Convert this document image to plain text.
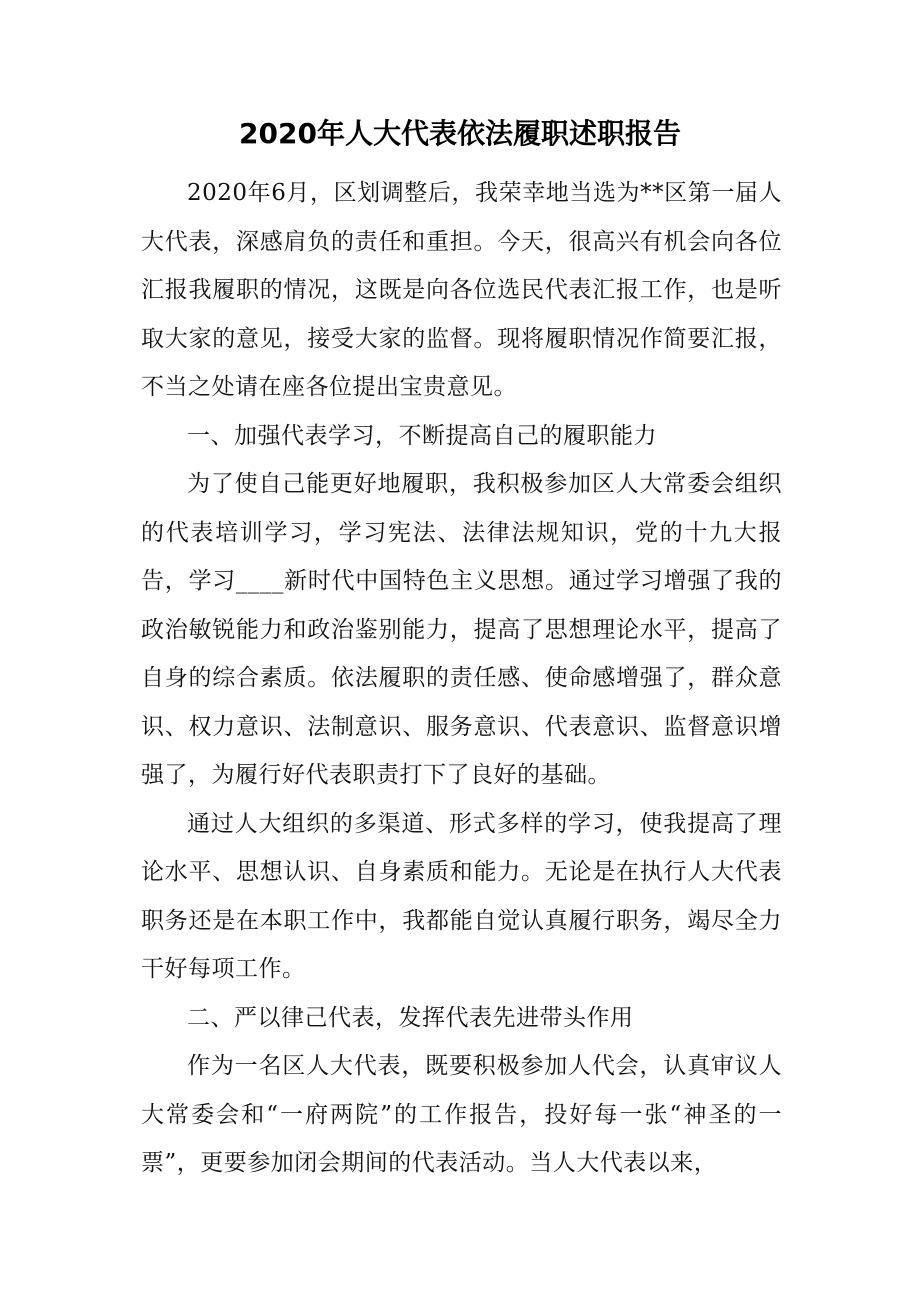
2020年人大代表依法履职述职报告

2020年6月，区划调整后，我荣幸地当选为**区第一届人大代表，深感肩负的责任和重担。今天，很高兴有机会向各位汇报我履职的情况，这既是向各位选民代表汇报工作，也是听取大家的意见，接受大家的监督。现将履职情况作简要汇报，不当之处请在座各位提出宝贵意见。

一、加强代表学习，不断提高自己的履职能力

为了使自己能更好地履职，我积极参加区人大常委会组织的代表培训学习，学习宪法、法律法规知识，党的十九大报告，学习____新时代中国特色主义思想。通过学习增强了我的政治敏锐能力和政治鉴别能力，提高了思想理论水平，提高了自身的综合素质。依法履职的责任感、使命感增强了，群众意识、权力意识、法制意识、服务意识、代表意识、监督意识增强了，为履行好代表职责打下了良好的基础。

通过人大组织的多渠道、形式多样的学习，使我提高了理论水平、思想认识、自身素质和能力。无论是在执行人大代表职务还是在本职工作中，我都能自觉认真履行职务，竭尽全力干好每项工作。

二、严以律己代表，发挥代表先进带头作用

作为一名区人大代表，既要积极参加人代会，认真审议人大常委会和“一府两院”的工作报告，投好每一张“神圣的一票”，更要参加闭会期间的代表活动。当人大代表以来，
